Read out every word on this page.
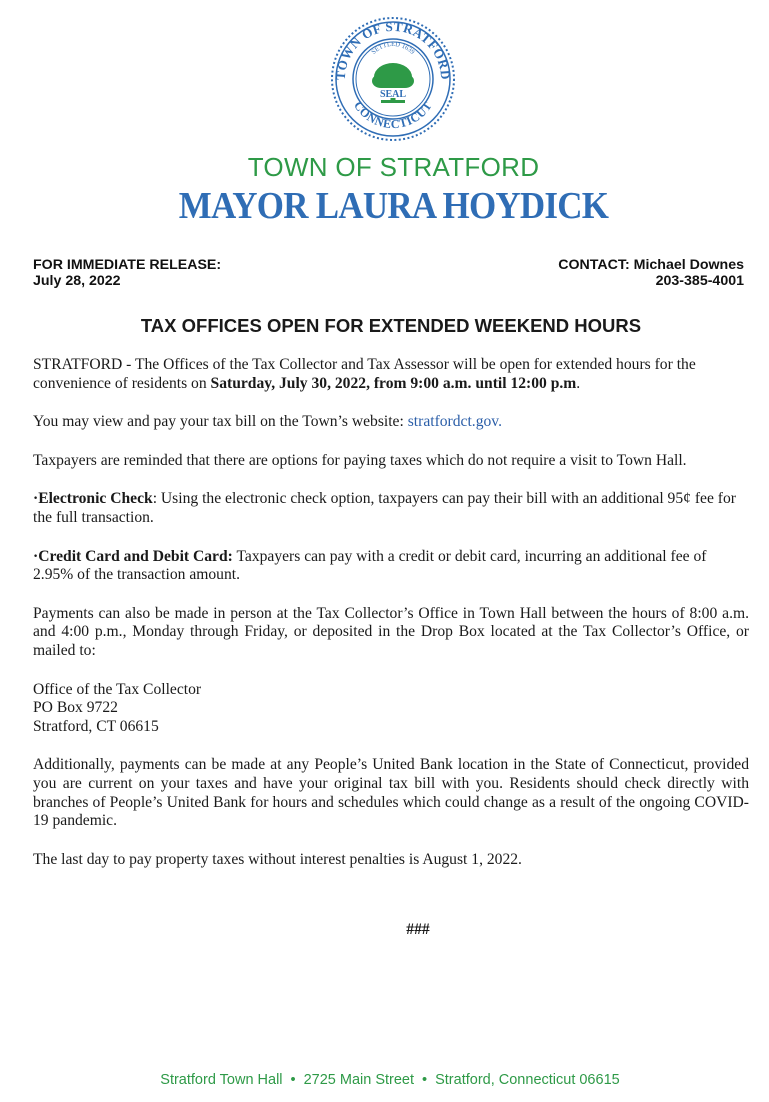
TOWN OF STRATFORD
CONNECTICUT
SETTLED 1639
SEAL
TOWN OF STRATFORD
MAYOR LAURA HOYDICK
FOR IMMEDIATE RELEASE:
July 28, 2022
CONTACT: Michael Downes
203-385-4001
TAX OFFICES OPEN FOR EXTENDED WEEKEND HOURS

STRATFORD - The Offices of the Tax Collector and Tax Assessor will be open for extended hours for the convenience of residents on Saturday, July 30, 2022, from 9:00 a.m. until 12:00 p.m.

You may view and pay your tax bill on the Town’s website: stratfordct.gov.

Taxpayers are reminded that there are options for paying taxes which do not require a visit to Town Hall.

·Electronic Check: Using the electronic check option, taxpayers can pay their bill with an additional 95¢ fee for the full transaction.

·Credit Card and Debit Card: Taxpayers can pay with a credit or debit card, incurring an additional fee of 2.95% of the transaction amount.

Payments can also be made in person at the Tax Collector’s Office in Town Hall between the hours of 8:00 a.m. and 4:00 p.m., Monday through Friday, or deposited in the Drop Box located at the Tax Collector’s Office, or mailed to:

Office of the Tax Collector
PO Box 9722
Stratford, CT 06615

Additionally, payments can be made at any People’s United Bank location in the State of Connecticut, provided you are current on your taxes and have your original tax bill with you. Residents should check directly with branches of People’s United Bank for hours and schedules which could change as a result of the ongoing COVID-19 pandemic.

The last day to pay property taxes without interest penalties is August 1, 2022.

###
Stratford Town Hall • 2725 Main Street • Stratford, Connecticut 06615
